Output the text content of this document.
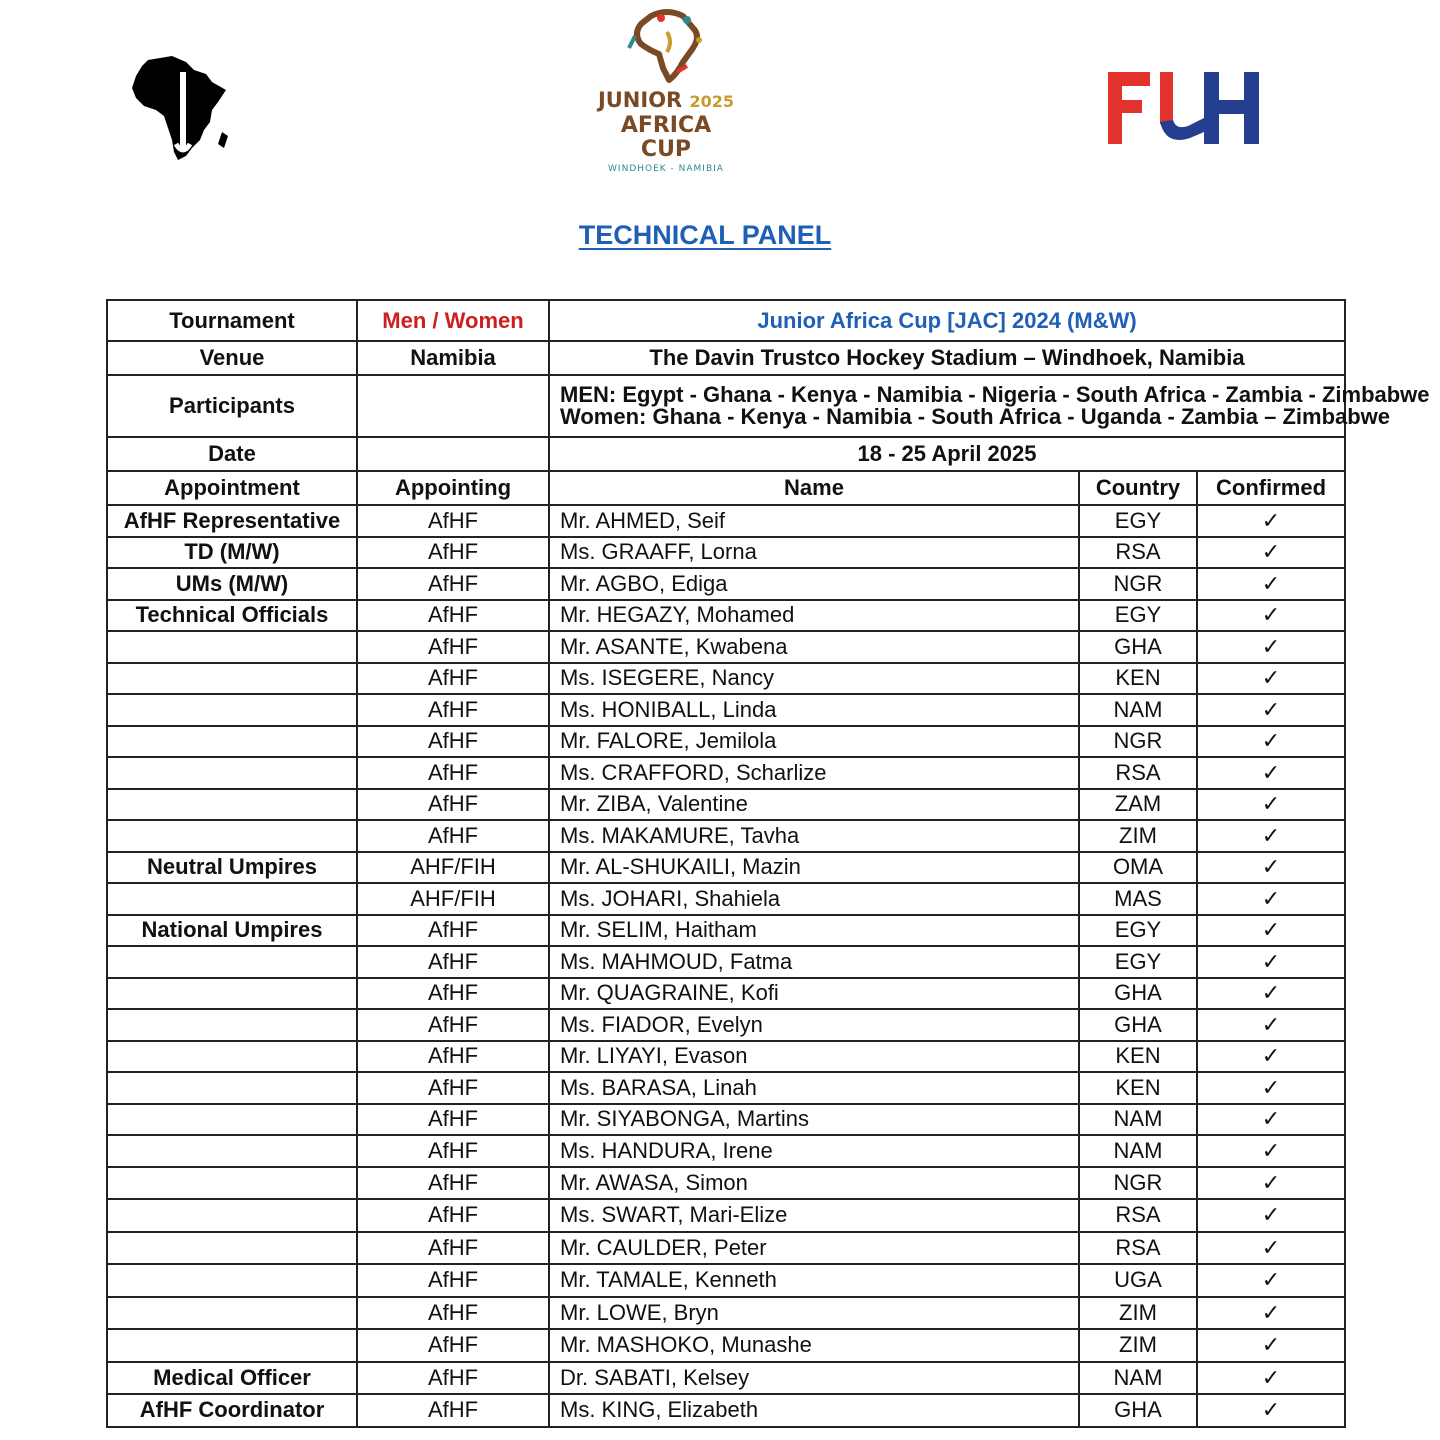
JUNIOR 2025
AFRICA CUP
WINDHOEK - NAMIBIA
TECHNICAL PANEL
Tournament	Men / Women	Junior Africa Cup [JAC] 2024 (M&W)		
Venue	Namibia	The Davin Trustco Hockey Stadium – Windhoek, Namibia		
Participants		MEN: Egypt - Ghana - Kenya - Namibia - Nigeria - South Africa - Zambia - Zimbabwe
Women: Ghana - Kenya - Namibia - South Africa - Uganda - Zambia – Zimbabwe		

Date		18 - 25 April 2025		
Appointment	Appointing	Name	Country	Confirmed
AfHF Representative	AfHF	Mr. AHMED, Seif	EGY	✓
TD (M/W)	AfHF	Ms. GRAAFF, Lorna	RSA	✓
UMs (M/W)	AfHF	Mr. AGBO, Ediga	NGR	✓
Technical Officials	AfHF	Mr. HEGAZY, Mohamed	EGY	✓
	AfHF	Mr. ASANTE, Kwabena	GHA	✓
	AfHF	Ms. ISEGERE, Nancy	KEN	✓
	AfHF	Ms. HONIBALL, Linda	NAM	✓
	AfHF	Mr. FALORE, Jemilola	NGR	✓
	AfHF	Ms. CRAFFORD, Scharlize	RSA	✓
	AfHF	Mr. ZIBA, Valentine	ZAM	✓
	AfHF	Ms. MAKAMURE, Tavha	ZIM	✓
Neutral Umpires	AHF/FIH	Mr. AL-SHUKAILI, Mazin	OMA	✓
	AHF/FIH	Ms. JOHARI, Shahiela	MAS	✓
National Umpires	AfHF	Mr. SELIM, Haitham	EGY	✓
	AfHF	Ms. MAHMOUD, Fatma	EGY	✓
	AfHF	Mr. QUAGRAINE, Kofi	GHA	✓
	AfHF	Ms. FIADOR, Evelyn	GHA	✓
	AfHF	Mr. LIYAYI, Evason	KEN	✓
	AfHF	Ms. BARASA, Linah	KEN	✓
	AfHF	Mr. SIYABONGA, Martins	NAM	✓
	AfHF	Ms. HANDURA, Irene	NAM	✓
	AfHF	Mr. AWASA, Simon	NGR	✓
	AfHF	Ms. SWART, Mari-Elize	RSA	✓
	AfHF	Mr. CAULDER, Peter	RSA	✓
	AfHF	Mr. TAMALE, Kenneth	UGA	✓
	AfHF	Mr. LOWE, Bryn	ZIM	✓
	AfHF	Mr. MASHOKO, Munashe	ZIM	✓
Medical Officer	AfHF	Dr. SABATI, Kelsey	NAM	✓
AfHF Coordinator	AfHF	Ms. KING, Elizabeth	GHA	✓
